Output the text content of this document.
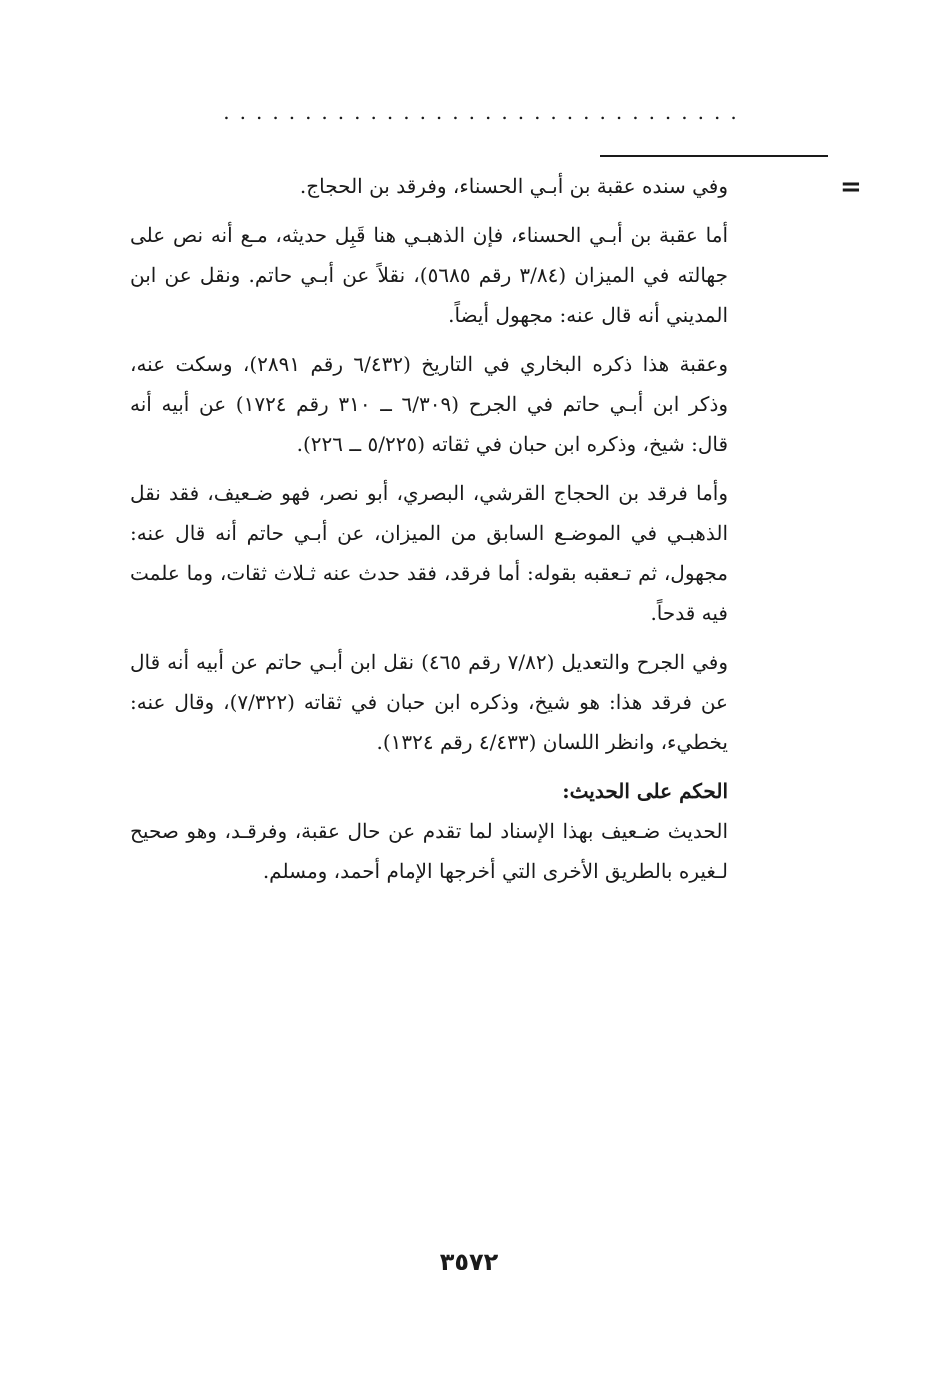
................................
=

وفي سنده عقبة بن أبـي الحسناء، وفرقد بن الحجاج.

أما عقبة بن أبـي الحسناء، فإن الذهبـي هنا قَبِل حديثه، مـع أنه نص على جهالته في الميزان (٣/٨٤ رقم ٥٦٨٥)، نقلاً عن أبـي حاتم. ونقل عن ابن المديني أنه قال عنه: مجهول أيضاً.

وعقبة هذا ذكره البخاري في التاريخ (٦/٤٣٢ رقم ٢٨٩١)، وسكت عنه، وذكر ابن أبـي حاتم في الجرح (٦/٣٠٩ ــ ٣١٠ رقم ١٧٢٤) عن أبيه أنه قال: شيخ، وذكره ابن حبان في ثقاته (٥/٢٢٥ ــ ٢٢٦).

وأما فرقد بن الحجاج القرشي، البصري، أبو نصر، فهو ضـعيف، فقد نقل الذهبـي في الموضـع السابق من الميزان، عن أبـي حاتم أنه قال عنه: مجهول، ثم تـعقبه بقوله: أما فرقد، فقد حدث عنه ثـلاث ثقات، وما علمت فيه قدحاً.

وفي الجرح والتعديل (٧/٨٢ رقم ٤٦٥) نقل ابن أبـي حاتم عن أبيه أنه قال عن فرقد هذا: هو شيخ، وذكره ابن حبان في ثقاته (٧/٣٢٢)، وقال عنه: يخطيء، وانظر اللسان (٤/٤٣٣ رقم ١٣٢٤).

الحكم على الحديث:

الحديث ضـعيف بهذا الإسناد لما تقدم عن حال عقبة، وفرقـد، وهو صحيح لـغيره بالطريق الأخرى التي أخرجها الإمام أحمد، ومسلم.

٣٥٧٢
